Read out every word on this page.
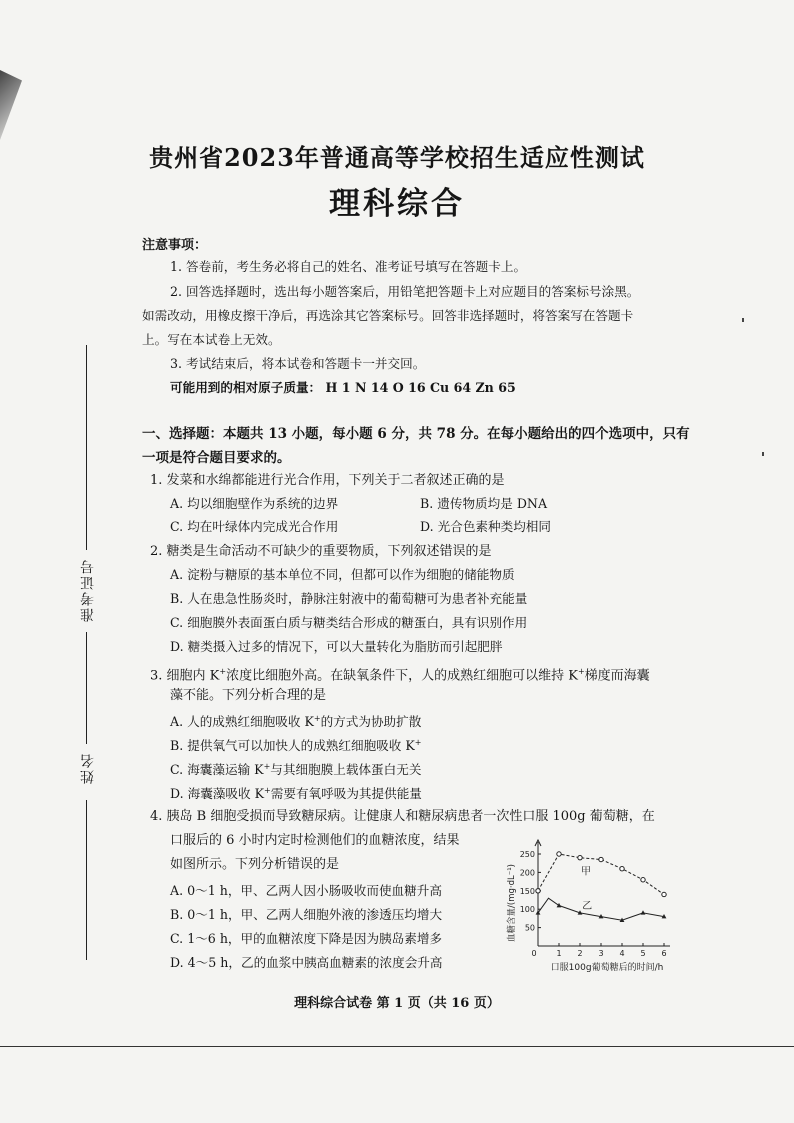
贵州省2023年普通高等学校招生适应性测试
理科综合
注意事项：
1. 答卷前，考生务必将自己的姓名、准考证号填写在答题卡上。
2. 回答选择题时，选出每小题答案后，用铅笔把答题卡上对应题目的答案标号涂黑。
如需改动，用橡皮擦干净后，再选涂其它答案标号。回答非选择题时，将答案写在答题卡
上。写在本试卷上无效。
3. 考试结束后，将本试卷和答题卡一并交回。
可能用到的相对原子质量： H 1 N 14 O 16 Cu 64 Zn 65
准考证号
姓名
一、选择题：本题共 13 小题，每小题 6 分，共 78 分。在每小题给出的四个选项中，只有
一项是符合题目要求的。
1. 发菜和水绵都能进行光合作用，下列关于二者叙述正确的是
A. 均以细胞壁作为系统的边界	B. 遗传物质均是 DNA
C. 均在叶绿体内完成光合作用	D. 光合色素种类均相同
2. 糖类是生命活动不可缺少的重要物质，下列叙述错误的是
A. 淀粉与糖原的基本单位不同，但都可以作为细胞的储能物质
B. 人在患急性肠炎时，静脉注射液中的葡萄糖可为患者补充能量
C. 细胞膜外表面蛋白质与糖类结合形成的糖蛋白，具有识别作用
D. 糖类摄入过多的情况下，可以大量转化为脂肪而引起肥胖
3. 细胞内 K+浓度比细胞外高。在缺氧条件下，人的成熟红细胞可以维持 K+梯度而海囊
藻不能。下列分析合理的是
A. 人的成熟红细胞吸收 K+的方式为协助扩散
B. 提供氧气可以加快人的成熟红细胞吸收 K+
C. 海囊藻运输 K+与其细胞膜上载体蛋白无关
D. 海囊藻吸收 K+需要有氧呼吸为其提供能量
4. 胰岛 B 细胞受损而导致糖尿病。让健康人和糖尿病患者一次性口服 100g 葡萄糖，在
口服后的 6 小时内定时检测他们的血糖浓度，结果
如图所示。下列分析错误的是
A. 0～1 h，甲、乙两人因小肠吸收而使血糖升高
B. 0～1 h，甲、乙两人细胞外液的渗透压均增大
C. 1～6 h，甲的血糖浓度下降是因为胰岛素增多
D. 4～5 h，乙的血浆中胰高血糖素的浓度会升高
50
100
150
200
250
0 1 2 3 4 5 6
口服100g葡萄糖后的时间/h
血糖含量/(mg·dL⁻¹)	甲
乙
理科综合试卷 第 1 页（共 16 页）
